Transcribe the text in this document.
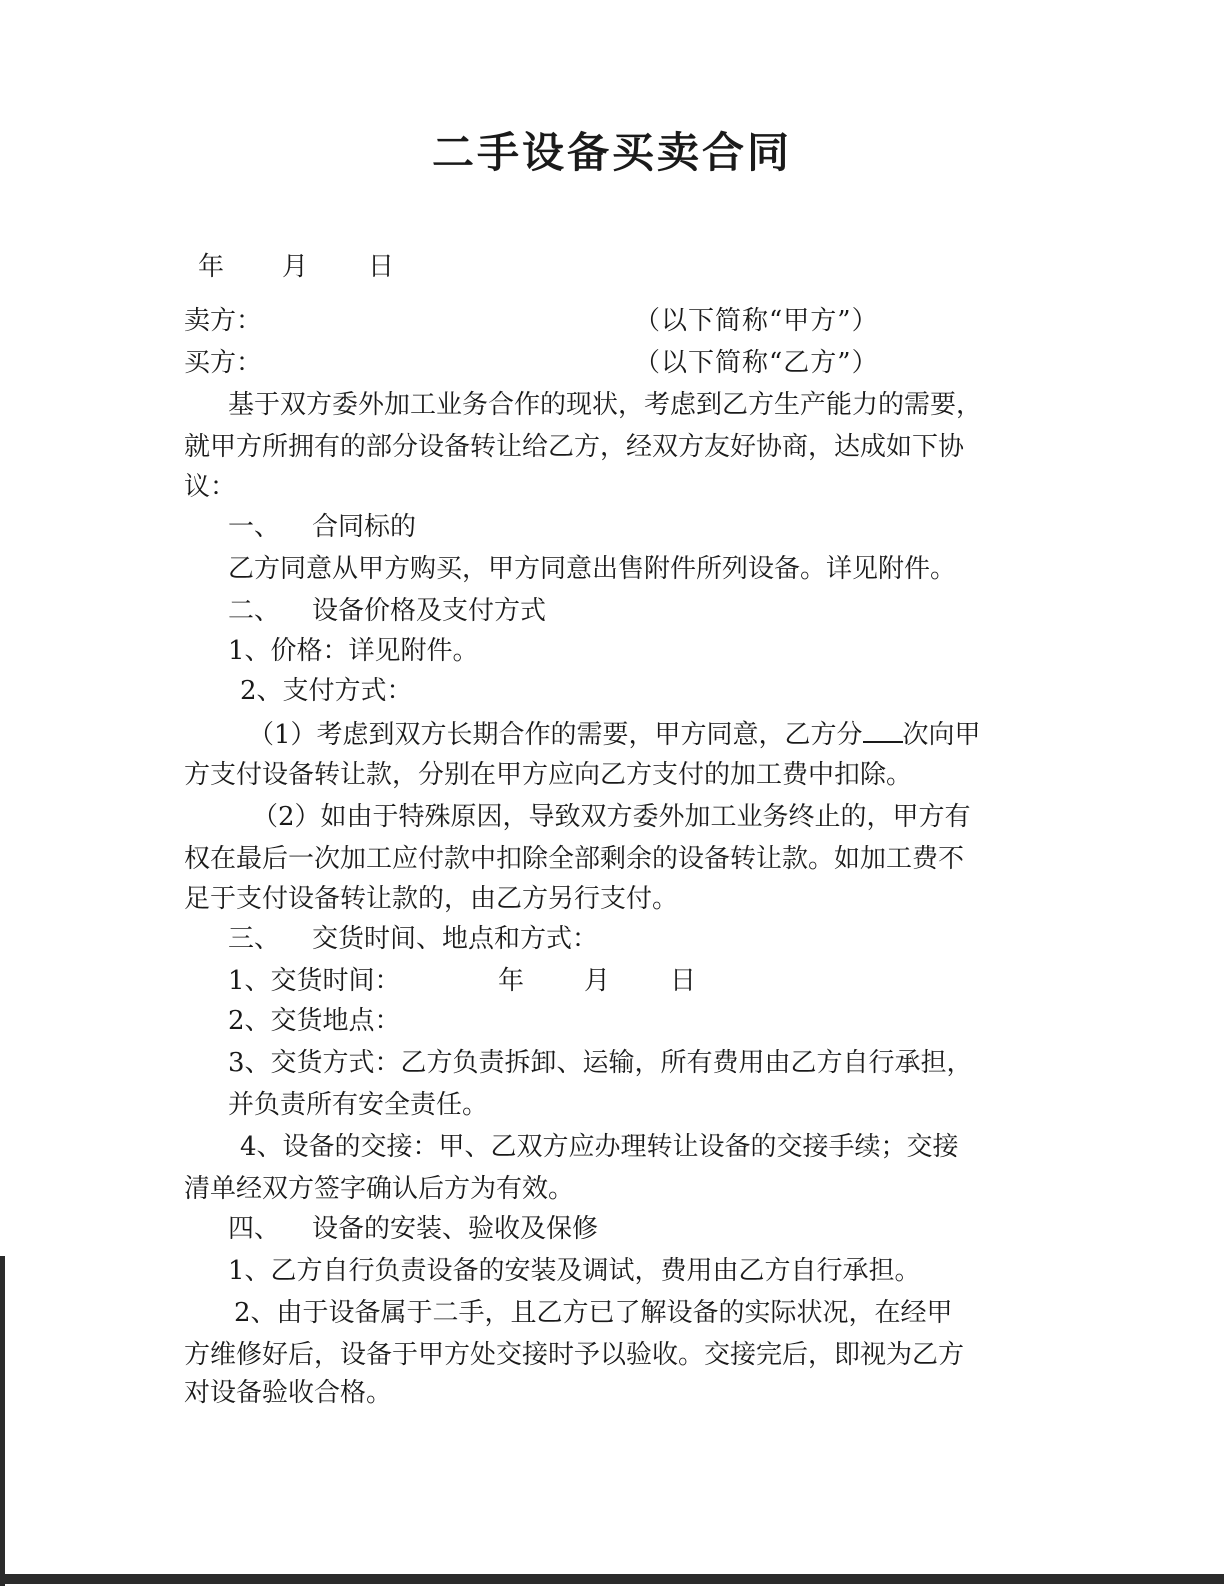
二手设备买卖合同
年 月 日
卖方：	（以下简称“甲方”）
买方：	（以下简称“乙方”）
基于双方委外加工业务合作的现状，考虑到乙方生产能力的需要，
就甲方所拥有的部分设备转让给乙方，经双方友好协商，达成如下协
议：
一、 合同标的
乙方同意从甲方购买，甲方同意出售附件所列设备。详见附件。
二、 设备价格及支付方式
1、价格：详见附件。
2、支付方式：
（1）考虑到双方长期合作的需要，甲方同意，乙方分 次向甲
方支付设备转让款，分别在甲方应向乙方支付的加工费中扣除。
（2）如由于特殊原因，导致双方委外加工业务终止的，甲方有
权在最后一次加工应付款中扣除全部剩余的设备转让款。如加工费不
足于支付设备转让款的，由乙方另行支付。
三、 交货时间、地点和方式：
1、交货时间：	年 月 日
2、交货地点：
3、交货方式：乙方负责拆卸、运输，所有费用由乙方自行承担，
并负责所有安全责任。
4、设备的交接：甲、乙双方应办理转让设备的交接手续；交接
清单经双方签字确认后方为有效。
四、 设备的安装、验收及保修
1、乙方自行负责设备的安装及调试，费用由乙方自行承担。
2、由于设备属于二手，且乙方已了解设备的实际状况，在经甲
方维修好后，设备于甲方处交接时予以验收。交接完后，即视为乙方
对设备验收合格。
